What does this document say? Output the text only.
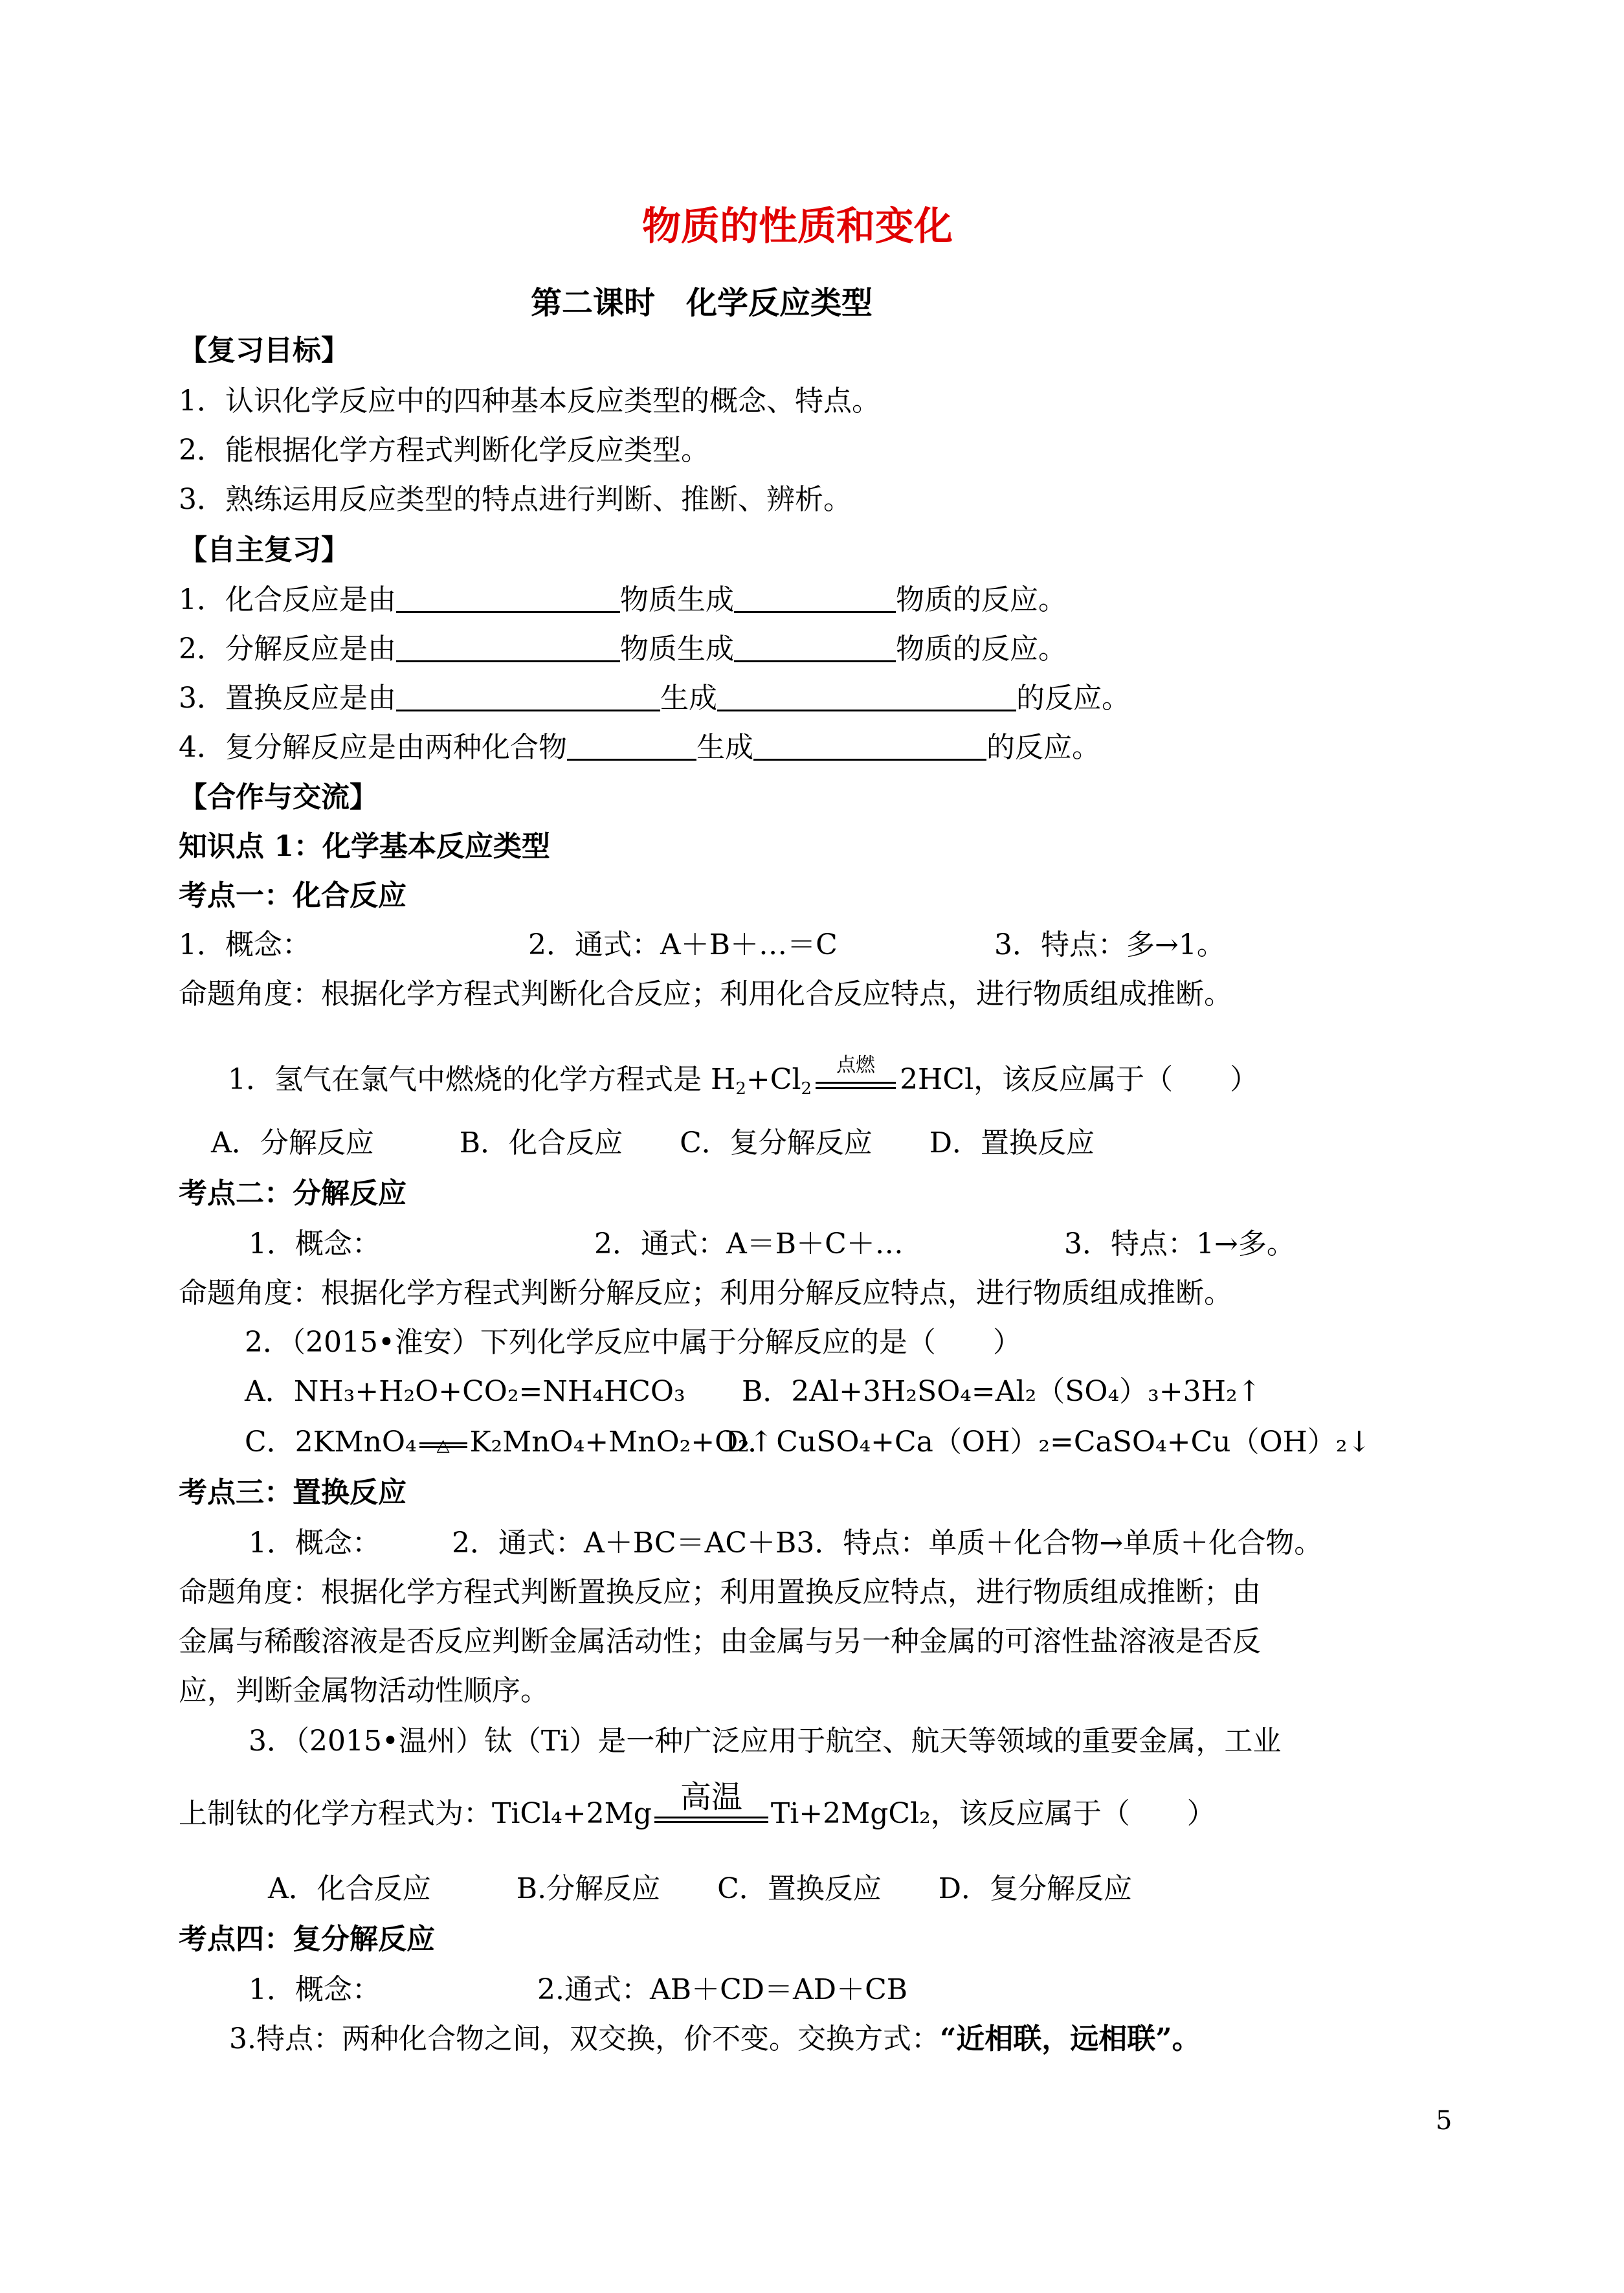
物质的性质和变化
第二课时　化学反应类型
【复习目标】
1．认识化学反应中的四种基本反应类型的概念、特点。
2．能根据化学方程式判断化学反应类型。
3．熟练运用反应类型的特点进行判断、推断、辨析。
【自主复习】
1．化合反应是由	物质生成	物质的反应。
2．分解反应是由	物质生成	物质的反应。
3．置换反应是由	生成	的反应。
4．复分解反应是由两种化合物	生成	的反应。
【合作与交流】
知识点 1：化学基本反应类型
考点一：化合反应
1．概念：	2．通式：A＋B＋…＝C	3．特点：多→1。
命题角度：根据化学方程式判断化合反应；利用化合反应特点，进行物质组成推断。
1．氢气在氯气中燃烧的化学方程式是 $H_2+Cl_2$
点燃 2HCl，该反应属于（　　）
A．分解反应　　　B．化合反应　　C．复分解反应　　D．置换反应
考点二：分解反应
1．概念：	2．通式：A＝B＋C＋…	3．特点：1→多。
命题角度：根据化学方程式判断分解反应；利用分解反应特点，进行物质组成推断。
2．（2015•淮安）下列化学反应中属于分解反应的是（　　）
A．NH₃+H₂O+CO₂=NH₄HCO₃ B．2Al+3H₂SO₄=Al₂（SO₄）₃+3H₂↑
C．2KMnO₄	△ K₂MnO₄+MnO₂+O₂↑
D．CuSO₄+Ca（OH）₂=CaSO₄+Cu（OH）₂↓
考点三：置换反应
1．概念：　　　2．通式：A＋BC＝AC＋B3．特点：单质＋化合物→单质＋化合物。
命题角度：根据化学方程式判断置换反应；利用置换反应特点，进行物质组成推断；由
金属与稀酸溶液是否反应判断金属活动性；由金属与另一种金属的可溶性盐溶液是否反
应，判断金属物活动性顺序。
3．（2015•温州）钛（Ti）是一种广泛应用于航空、航天等领域的重要金属，工业
上制钛的化学方程式为：TiCl₄+2Mg 高温	Ti+2MgCl₂，该反应属于（　　）
A．化合反应　　　B.分解反应　　C．置换反应　　D．复分解反应
考点四：复分解反应
1．概念：　　　　　　2.通式：AB＋CD＝AD＋CB
3.特点：两种化合物之间，双交换，价不变。交换方式：“近相联，远相联”。
5
